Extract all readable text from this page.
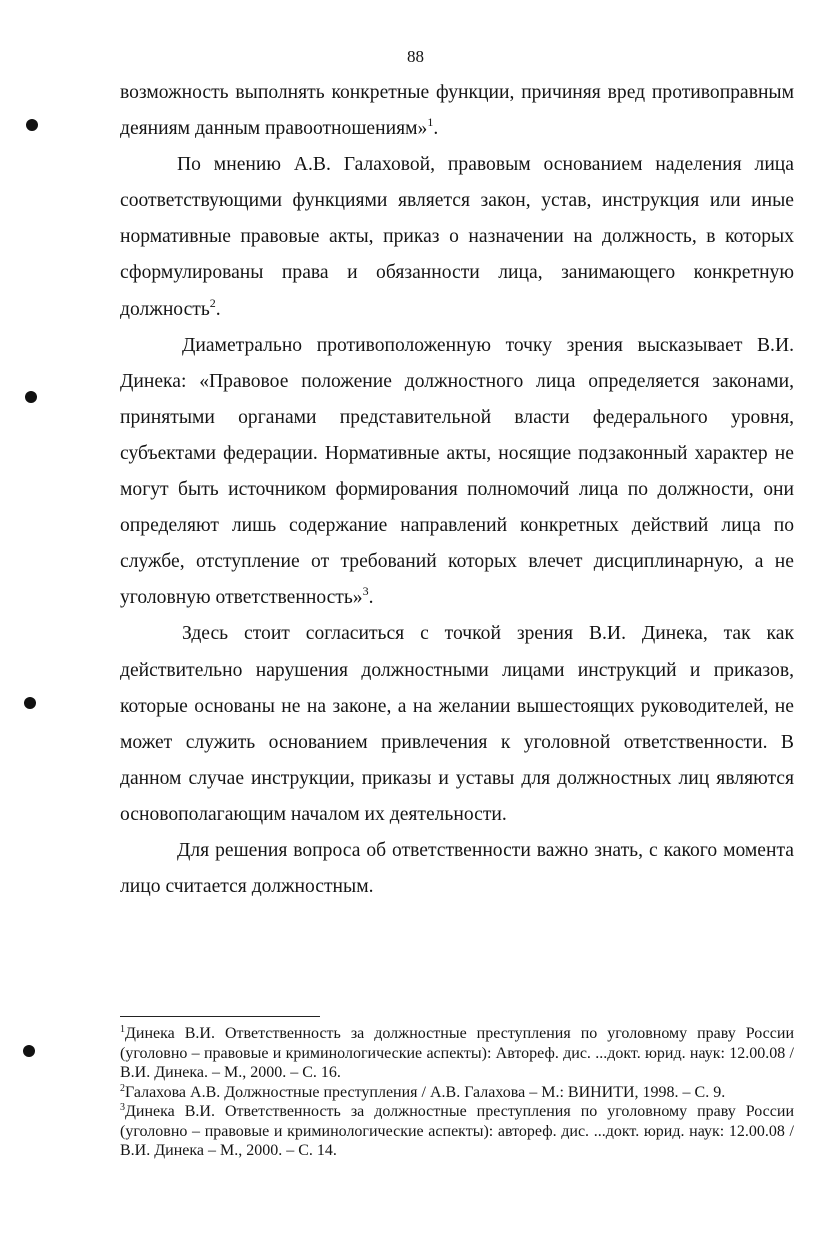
88

возможность выполнять конкретные функции, причиняя вред противоправным деяниям данным правоотношениям»$^1$.

По мнению А.В. Галаховой, правовым основанием наделения лица соответствующими функциями является закон, устав, инструкция или иные нормативные правовые акты, приказ о назначении на должность, в которых сформулированы права и обязанности лица, занимающего конкретную должность$^2$.

Диаметрально противоположенную точку зрения высказывает В.И. Динека: «Правовое положение должностного лица определяется законами, принятыми органами представительной власти федерального уровня, субъектами федерации. Нормативные акты, носящие подзаконный характер не могут быть источником формирования полномочий лица по должности, они определяют лишь содержание направлений конкретных действий лица по службе, отступление от требований которых влечет дисциплинарную, а не уголовную ответственность»$^3$.

Здесь стоит согласиться с точкой зрения В.И. Динека, так как действительно нарушения должностными лицами инструкций и приказов, которые основаны не на законе, а на желании вышестоящих руководителей, не может служить основанием привлечения к уголовной ответственности. В данном случае инструкции, приказы и уставы для должностных лиц являются основополагающим началом их деятельности.

Для решения вопроса об ответственности важно знать, с какого момента лицо считается должностным.

$^1$Динека В.И. Ответственность за должностные преступления по уголовному праву России (уголовно – правовые и криминологические аспекты): Автореф. дис. ...докт. юрид. наук: 12.00.08 / В.И. Динека. – М., 2000. – С. 16.

$^2$Галахова А.В. Должностные преступления / А.В. Галахова – М.: ВИНИТИ, 1998. – С. 9.

$^3$Динека В.И. Ответственность за должностные преступления по уголовному праву России (уголовно – правовые и криминологические аспекты): автореф. дис. ...докт. юрид. наук: 12.00.08 / В.И. Динека – М., 2000. – С. 14.
